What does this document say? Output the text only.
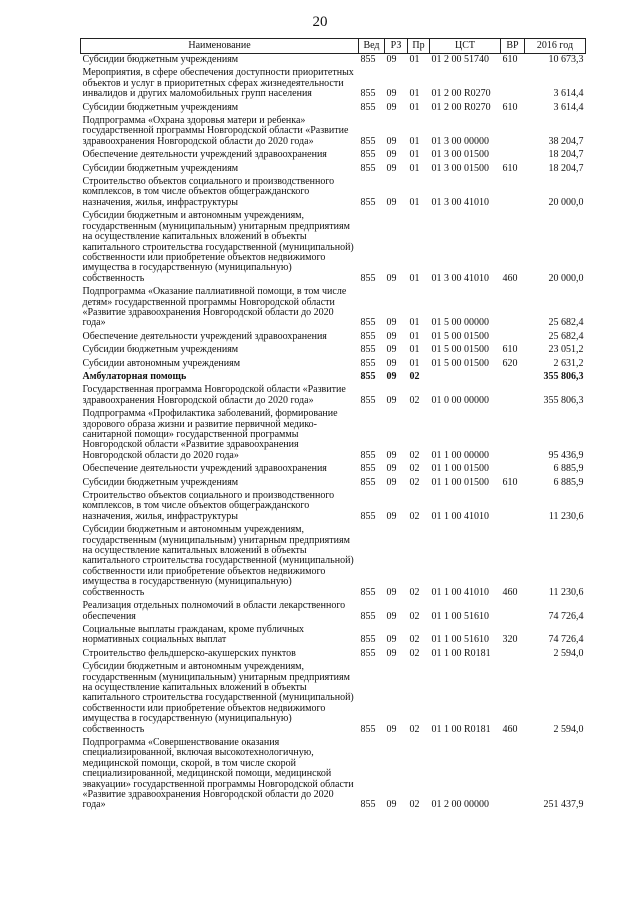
20
Наименование	Вед	РЗ	Пр	ЦСТ	ВР	2016 год
Субсидии бюджетным учреждениям	855	09	01	01 2 00 51740	610	10 673,3
Мероприятия, в сфере обеспечения доступности приоритетных объектов и услуг в приоритетных сферах жизнедеятельности инвалидов и других маломобильных групп населения	855	09	01	01 2 00 R0270		3 614,4
Субсидии бюджетным учреждениям	855	09	01	01 2 00 R0270	610	3 614,4
Подпрограмма «Охрана здоровья матери и ребенка» государственной программы Новгородской области «Развитие здравоохранения Новгородской области до 2020 года»	855	09	01	01 3 00 00000		38 204,7
Обеспечение деятельности учреждений здравоохранения	855	09	01	01 3 00 01500		18 204,7
Субсидии бюджетным учреждениям	855	09	01	01 3 00 01500	610	18 204,7
Строительство объектов социального и производственного комплексов, в том числе объектов общегражданского назначения, жилья, инфраструктуры	855	09	01	01 3 00 41010		20 000,0
Субсидии бюджетным и автономным учреждениям, государственным (муниципальным) унитарным предприятиям на осуществление капитальных вложений в объекты капитального строительства государственной (муниципальной) собственности или приобретение объектов недвижимого имущества в государственную (муниципальную) собственность	855	09	01	01 3 00 41010	460	20 000,0
Подпрограмма «Оказание паллиативной помощи, в том числе детям» государственной программы Новгородской области «Развитие здравоохранения Новгородской области до 2020 года»	855	09	01	01 5 00 00000		25 682,4
Обеспечение деятельности учреждений здравоохранения	855	09	01	01 5 00 01500		25 682,4
Субсидии бюджетным учреждениям	855	09	01	01 5 00 01500	610	23 051,2
Субсидии автономным учреждениям	855	09	01	01 5 00 01500	620	2 631,2
Амбулаторная помощь	855	09	02			355 806,3
Государственная программа Новгородской области «Развитие здравоохранения Новгородской области до 2020 года»	855	09	02	01 0 00 00000		355 806,3
Подпрограмма «Профилактика заболеваний, формирование здорового образа жизни и развитие первичной медико-санитарной помощи» государственной программы Новгородской области «Развитие здравоохранения Новгородской области до 2020 года»	855	09	02	01 1 00 00000		95 436,9
Обеспечение деятельности учреждений здравоохранения	855	09	02	01 1 00 01500		6 885,9
Субсидии бюджетным учреждениям	855	09	02	01 1 00 01500	610	6 885,9
Строительство объектов социального и производственного комплексов, в том числе объектов общегражданского назначения, жилья, инфраструктуры	855	09	02	01 1 00 41010		11 230,6
Субсидии бюджетным и автономным учреждениям, государственным (муниципальным) унитарным предприятиям на осуществление капитальных вложений в объекты капитального строительства государственной (муниципальной) собственности или приобретение объектов недвижимого имущества в государственную (муниципальную) собственность	855	09	02	01 1 00 41010	460	11 230,6
Реализация отдельных полномочий в области лекарственного обеспечения	855	09	02	01 1 00 51610		74 726,4
Социальные выплаты гражданам, кроме публичных нормативных социальных выплат	855	09	02	01 1 00 51610	320	74 726,4
Строительство фельдшерско-акушерских пунктов	855	09	02	01 1 00 R0181		2 594,0
Субсидии бюджетным и автономным учреждениям, государственным (муниципальным) унитарным предприятиям на осуществление капитальных вложений в объекты капитального строительства государственной (муниципальной) собственности или приобретение объектов недвижимого имущества в государственную (муниципальную) собственность	855	09	02	01 1 00 R0181	460	2 594,0
Подпрограмма «Совершенствование оказания специализированной, включая высокотехнологичную, медицинской помощи, скорой, в том числе скорой специализированной, медицинской помощи, медицинской эвакуации» государственной программы Новгородской области «Развитие здравоохранения Новгородской области до 2020 года»	855	09	02	01 2 00 00000		251 437,9
